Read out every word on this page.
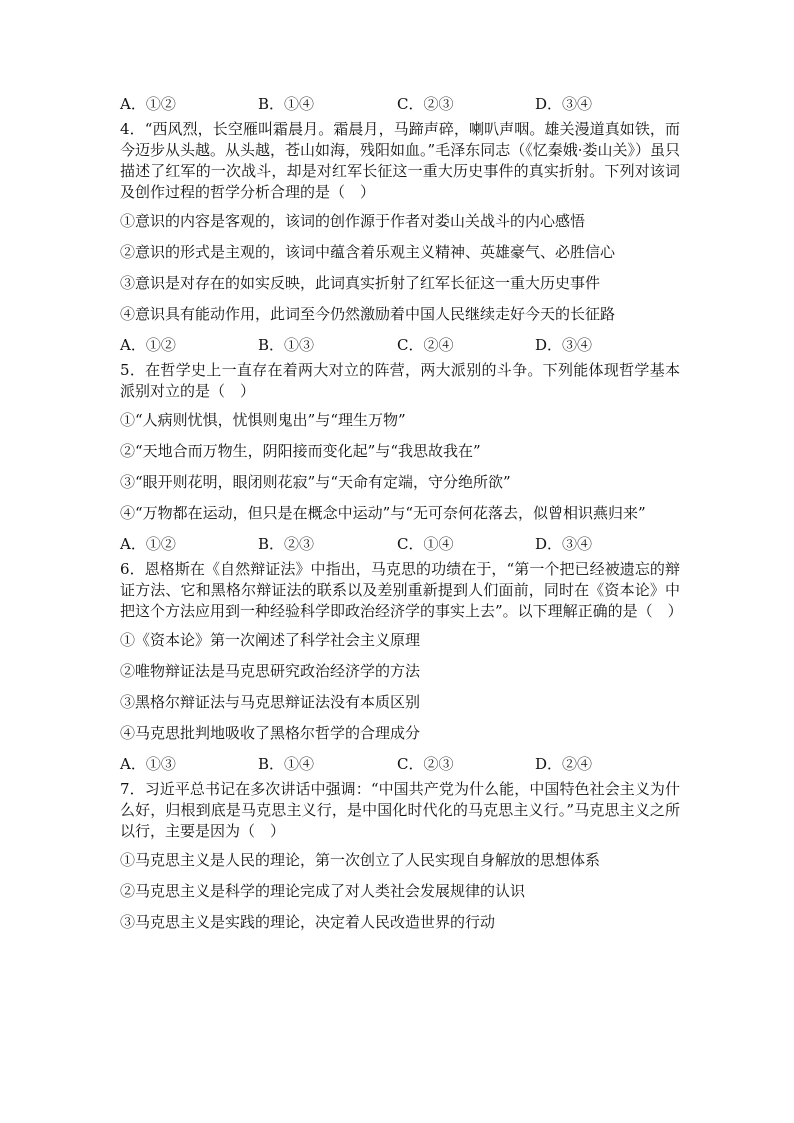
A．①②	B．①④	C．②③	D．③④

4．“西风烈，长空雁叫霜晨月。霜晨月，马蹄声碎，喇叭声咽。雄关漫道真如铁，而今迈步从头越。从头越，苍山如海，残阳如血。”毛泽东同志（《忆秦娥·娄山关》）虽只描述了红军的一次战斗，却是对红军长征这一重大历史事件的真实折射。下列对该词及创作过程的哲学分析合理的是（　）

①意识的内容是客观的，该词的创作源于作者对娄山关战斗的内心感悟

②意识的形式是主观的，该词中蕴含着乐观主义精神、英雄豪气、必胜信心

③意识是对存在的如实反映，此词真实折射了红军长征这一重大历史事件

④意识具有能动作用，此词至今仍然激励着中国人民继续走好今天的长征路

A．①②	B．①③	C．②④	D．③④

5．在哲学史上一直存在着两大对立的阵营，两大派别的斗争。下列能体现哲学基本派别对立的是（　）

①“人病则忧惧，忧惧则鬼出”与“理生万物”

②“天地合而万物生，阴阳接而变化起”与“我思故我在”

③“眼开则花明，眼闭则花寂”与“天命有定端，守分绝所欲”

④“万物都在运动，但只是在概念中运动”与“无可奈何花落去，似曾相识燕归来”

A．①②	B．②③	C．①④	D．③④

6．恩格斯在《自然辩证法》中指出，马克思的功绩在于，“第一个把已经被遗忘的辩证方法、它和黑格尔辩证法的联系以及差别重新提到人们面前，同时在《资本论》中把这个方法应用到一种经验科学即政治经济学的事实上去”。以下理解正确的是（　）

①《资本论》第一次阐述了科学社会主义原理

②唯物辩证法是马克思研究政治经济学的方法

③黑格尔辩证法与马克思辩证法没有本质区别

④马克思批判地吸收了黑格尔哲学的合理成分

A．①③	B．①④	C．②③	D．②④

7．习近平总书记在多次讲话中强调：“中国共产党为什么能，中国特色社会主义为什么好，归根到底是马克思主义行，是中国化时代化的马克思主义行。”马克思主义之所以行，主要是因为（　）

①马克思主义是人民的理论，第一次创立了人民实现自身解放的思想体系

②马克思主义是科学的理论完成了对人类社会发展规律的认识

③马克思主义是实践的理论，决定着人民改造世界的行动
